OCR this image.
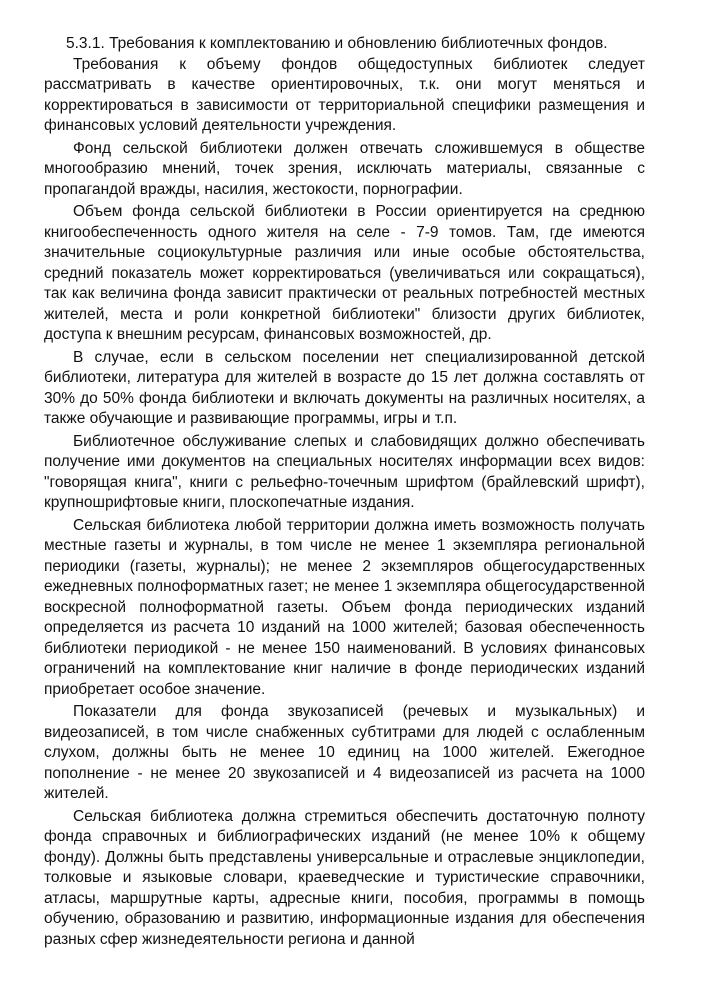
5.3.1. Требования к комплектованию и обновлению библиотечных фондов.

Требования к объему фондов общедоступных библиотек следует рассматривать в качестве ориентировочных, т.к. они могут меняться и корректироваться в зависимости от территориальной специфики размещения и финансовых условий деятельности учреждения.

Фонд сельской библиотеки должен отвечать сложившемуся в обществе многообразию мнений, точек зрения, исключать материалы, связанные с пропагандой вражды, насилия, жестокости, порнографии.

Объем фонда сельской библиотеки в России ориентируется на среднюю книгообеспеченность одного жителя на селе - 7-9 томов. Там, где имеются значительные социокультурные различия или иные особые обстоятельства, средний показатель может корректироваться (увеличиваться или сокращаться), так как величина фонда зависит практически от реальных потребностей местных жителей, места и роли конкретной библиотеки" близости других библиотек, доступа к внешним ресурсам, финансовых возможностей, др.

В случае, если в сельском поселении нет специализированной детской библиотеки, литература для жителей в возрасте до 15 лет должна составлять от 30% до 50% фонда библиотеки и включать документы на различных носителях, а также обучающие и развивающие программы, игры и т.п.

Библиотечное обслуживание слепых и слабовидящих должно обеспечивать получение ими документов на специальных носителях информации всех видов: "говорящая книга", книги с рельефно-точечным шрифтом (брайлевский шрифт), крупношрифтовые книги, плоскопечатные издания.

Сельская библиотека любой территории должна иметь возможность получать местные газеты и журналы, в том числе не менее 1 экземпляра региональной периодики (газеты, журналы); не менее 2 экземпляров общегосударственных ежедневных полноформатных газет; не менее 1 экземпляра общегосударственной воскресной полноформатной газеты. Объем фонда периодических изданий определяется из расчета 10 изданий на 1000 жителей; базовая обеспеченность библиотеки периодикой - не менее 150 наименований. В условиях финансовых ограничений на комплектование книг наличие в фонде периодических изданий приобретает особое значение.

Показатели для фонда звукозаписей (речевых и музыкальных) и видеозаписей, в том числе снабженных субтитрами для людей с ослабленным слухом, должны быть не менее 10 единиц на 1000 жителей. Ежегодное пополнение - не менее 20 звукозаписей и 4 видеозаписей из расчета на 1000 жителей.

Сельская библиотека должна стремиться обеспечить достаточную полноту фонда справочных и библиографических изданий (не менее 10% к общему фонду). Должны быть представлены универсальные и отраслевые энциклопедии, толковые и языковые словари, краеведческие и туристические справочники, атласы, маршрутные карты, адресные книги, пособия, программы в помощь обучению, образованию и развитию, информационные издания для обеспечения разных сфер жизнедеятельности региона и данной
